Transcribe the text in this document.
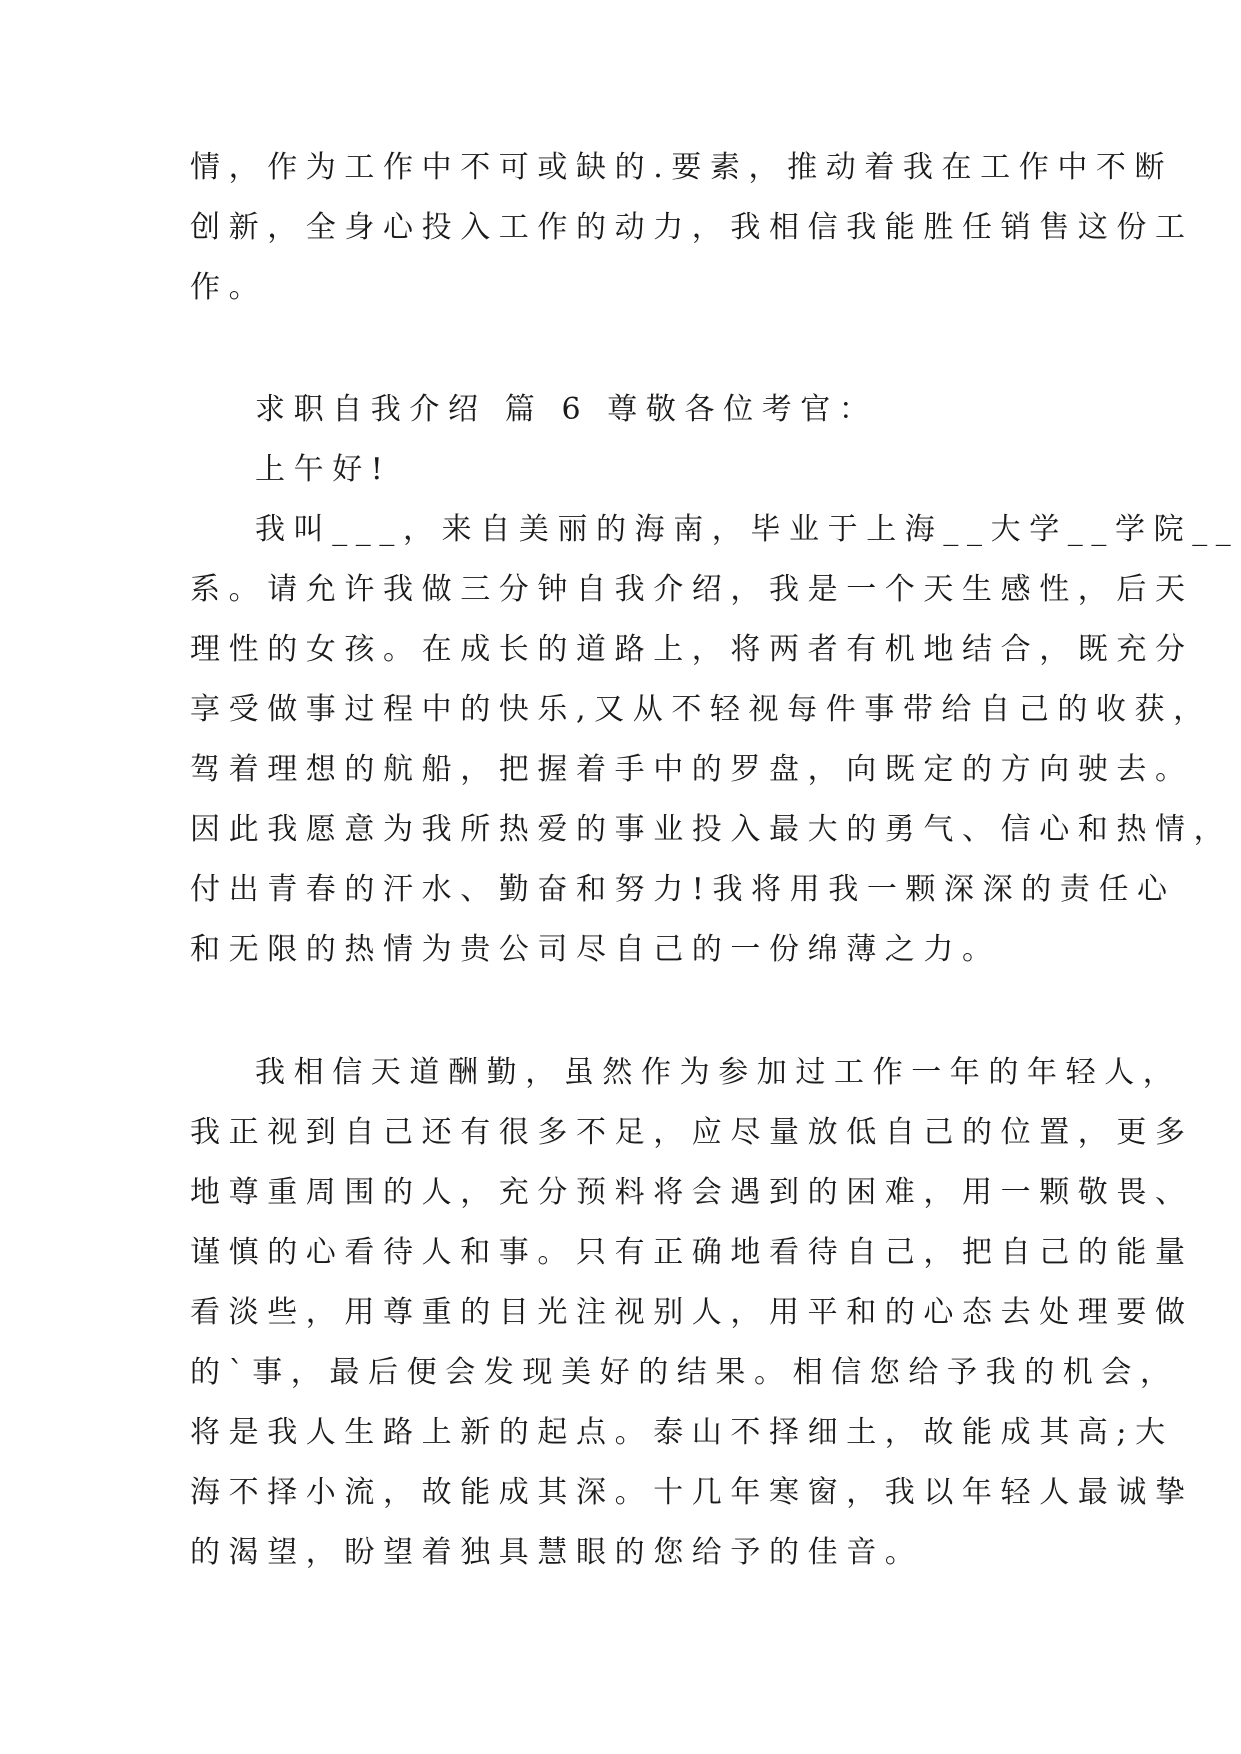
情，作为工作中不可或缺的.要素，推动着我在工作中不断

创新，全身心投入工作的动力，我相信我能胜任销售这份工

作。

求职自我介绍 篇 6 尊敬各位考官：

上午好!

我叫___，来自美丽的海南，毕业于上海__大学__学院__

系。请允许我做三分钟自我介绍，我是一个天生感性，后天

理性的女孩。在成长的道路上，将两者有机地结合，既充分

享受做事过程中的快乐,又从不轻视每件事带给自己的收获，

驾着理想的航船，把握着手中的罗盘，向既定的方向驶去。

因此我愿意为我所热爱的事业投入最大的勇气、信心和热情，

付出青春的汗水、勤奋和努力!我将用我一颗深深的责任心

和无限的热情为贵公司尽自己的一份绵薄之力。

我相信天道酬勤，虽然作为参加过工作一年的年轻人，

我正视到自己还有很多不足，应尽量放低自己的位置，更多

地尊重周围的人，充分预料将会遇到的困难，用一颗敬畏、

谨慎的心看待人和事。只有正确地看待自己，把自己的能量

看淡些，用尊重的目光注视别人，用平和的心态去处理要做

的`事，最后便会发现美好的结果。相信您给予我的机会，

将是我人生路上新的起点。泰山不择细土，故能成其高;大

海不择小流，故能成其深。十几年寒窗，我以年轻人最诚挚

的渴望，盼望着独具慧眼的您给予的佳音。
